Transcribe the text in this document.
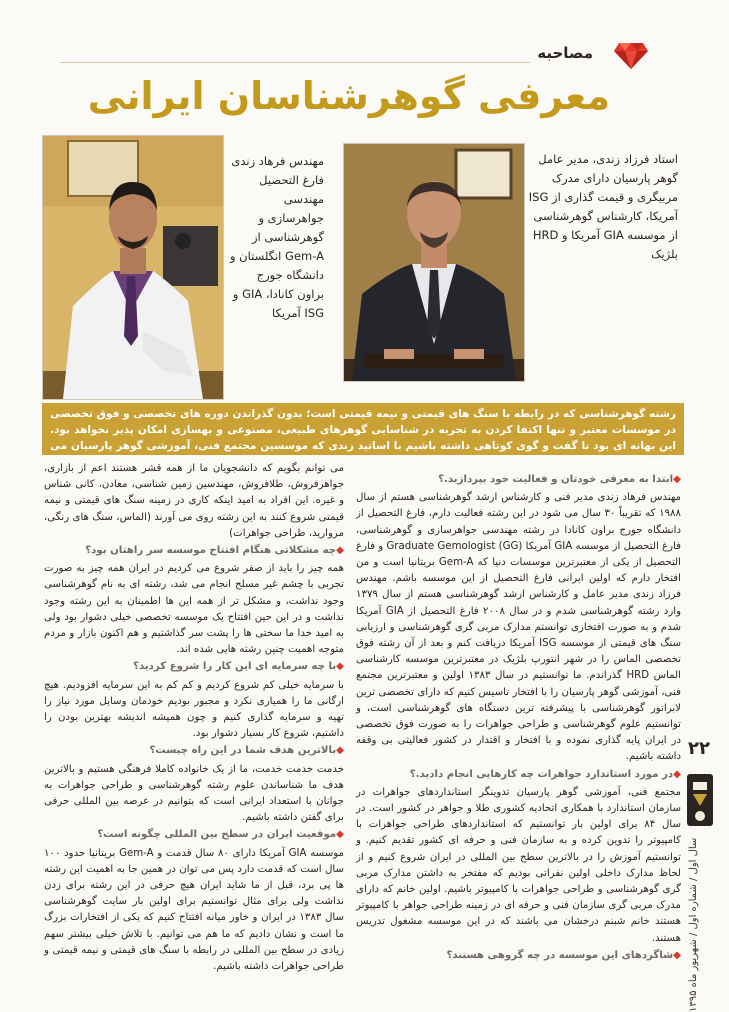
مصاحبه
معرفی گوهرشناسان ایرانی
مهندس فرهاد زندی فارغ التحصیل مهندسی جواهرسازی و گوهرشناسی از Gem-A انگلستان و دانشگاه جورج براون کانادا، GIA و ISG آمریکا
استاد فرزاد زندی، مدیر عامل گوهر پارسیان دارای مدرک مربیگری و قیمت گذاری از ISG آمریکا، کارشناس گوهرشناسی از موسسه GIA آمریکا و HRD بلژیک
رشته گوهرشناسی که در رابطه با سنگ های قیمتی و نیمه قیمتی است؛ بدون گذراندن دوره های تخصصی و فوق تخصصی در موسسات معتبر و تنها اکتفا کردن به تجربه در شناسایی گوهرهای طبیعی، مصنوعی و بهسازی امکان پذیر نخواهد بود. این بهانه ای بود تا گفت و گوی کوتاهی داشته باشیم با اساتید زندی که موسسین مجتمع فنی، آموزشی گوهر پارسیان می باشند.
◆ ابتدا به معرفی خودتان و فعالیت خود بپردازید.؟

مهندس فرهاد زندی مدیر فنی و کارشناس ارشد گوهرشناسی هستم از سال ۱۹۸۸ که تقریباً ۳۰ سال می شود در این رشته فعالیت دارم، فارغ التحصیل از دانشگاه جورج براون کانادا در رشته مهندسی جواهرسازی و گوهرشناسی، فارغ التحصیل از موسسه GIA آمریکا Graduate Gemologist (GG) و فارغ التحصیل از یکی از معتبرترین موسسات دنیا که Gem-A بریتانیا است و من افتخار دارم که اولین ایرانی فارغ التحصیل از این موسسه باشم. مهندس فرزاد زندی مدیر عامل و کارشناس ارشد گوهرشناسی هستم از سال ۱۳۷۹ وارد رشته گوهرشناسی شدم و در سال ۲۰۰۸ فارغ التحصیل از GIA آمریکا شدم و به صورت افتخاری توانستم مدارک مربی گری گوهرشناسی و ارزیابی سنگ های قیمتی از موسسه ISG آمریکا دریافت کنم و بعد از آن رشته فوق تخصصی الماس را در شهر انتورپ بلژیک در معتبرترین موسسه کارشناسی الماس HRD گذراندم. ما توانستیم در سال ۱۳۸۳ اولین و معتبرترین مجتمع فنی، آموزشی گوهر پارسیان را با افتخار تاسیس کنیم که دارای تخصصی ترین لابراتور گوهرشناسی با پیشرفته ترین دستگاه های گوهرشناسی است، و توانستیم علوم گوهرشناسی و طراحی جواهرات را به صورت فوق تخصصی در ایران پایه گذاری نموده و با افتخار و اقتدار در کشور فعالیتی بی وقفه داشته باشیم.

◆ در مورد استاندارد جواهرات چه کارهایی انجام دادید.؟

مجتمع فنی، آموزشی گوهر پارسیان تدوینگر استانداردهای جواهرات در سازمان استاندارد با همکاری اتحادیه کشوری طلا و جواهر در کشور است. در سال ۸۴ برای اولین بار توانستیم که استانداردهای طراحی جواهرات با کامپیوتر را تدوین کرده و به سازمان فنی و حرفه ای کشور تقدیم کنیم. و توانستیم آموزش را در بالاترین سطح بین المللی در ایران شروع کنیم و از لحاظ مدارک داخلی اولین نفراتی بودیم که مفتخر به داشتن مدارک مربی گری گوهرشناسی و طراحی جواهرات با کامپیوتر باشیم. اولین خانم که دارای مدرک مربی گری سازمان فنی و حرفه ای در زمینه طراحی جواهر با کامپیوتر هستند خانم شبنم درخشان می باشند که در این موسسه مشغول تدریس هستند.

◆ شاگردهای این موسسه در چه گروهی هستند؟

می توانم بگویم که دانشجویان ما از همه قشر هستند اعم از بازاری، جواهرفروش، طلافروش، مهندسین زمین شناسی، معادن، کانی شناس و غیره. این افراد به امید اینکه کاری در زمینه سنگ های قیمتی و نیمه قیمتی شروع کنند به این رشته روی می آورند (الماس، سنگ های رنگی، مروارید، طراحی جواهرات)

◆ چه مشکلاتی هنگام افتتاح موسسه سر راهتان بود؟

همه چیز را باید از صفر شروع می کردیم در ایران همه چیز به صورت تجربی با چشم غیر مسلح انجام می شد، رشته ای به نام گوهرشناسی وجود نداشت، و مشکل تر از همه این ها اطمینان به این رشته وجود نداشت و در این حین افتتاح یک موسسه تخصصی خیلی دشوار بود ولی به امید خدا ما سختی ها را پشت سر گذاشتیم و هم اکنون بازار و مردم متوجه اهمیت چنین رشته هایی شده اند.

◆ با چه سرمایه ای این کار را شروع کردید؟

با سرمایه خیلی کم شروع کردیم و کم کم به این سرمایه افزودیم. هیچ ارگانی ما را همیاری نکرد و مجبور بودیم خودمان وسایل مورد نیاز را تهیه و سرمایه گذاری کنیم و چون همیشه اندیشه بهترین بودن را داشتیم، شروع کار بسیار دشوار بود.

◆ بالاترین هدف شما در این راه چیست؟

خدمت خدمت خدمت، ما از یک خانواده کاملا فرهنگی هستیم و بالاترین هدف ما شناساندن علوم رشته گوهرشناسی و طراحی جواهرات به جوانان با استعداد ایرانی است که بتوانیم در عرصه بین المللی حرفی برای گفتن داشته باشیم.

◆ موقعیت ایران در سطح بین المللی چگونه است؟

موسسه GIA آمریکا دارای ۸۰ سال قدمت و Gem-A بریتانیا حدود ۱۰۰ سال است که قدمت دارد پس می توان در همین جا به اهمیت این رشته ها پی برد، قبل از ما شاید ایران هیچ حرفی در این رشته برای زدن نداشت ولی برای مثال توانستیم برای اولین بار سایت گوهرشناسی سال ۱۳۸۳ در ایران و خاور میانه افتتاح کنیم که یکی از افتخارات بزرگ ما است و نشان دادیم که ما هم می توانیم. با تلاش خیلی بیشتر سهم زیادی در سطح بین المللی در رابطه با سنگ های قیمتی و نیمه قیمتی و طراحی جواهرات داشته باشیم.

۲۲
سال اول / شماره اول / شهریور ماه ۱۳۹۵
